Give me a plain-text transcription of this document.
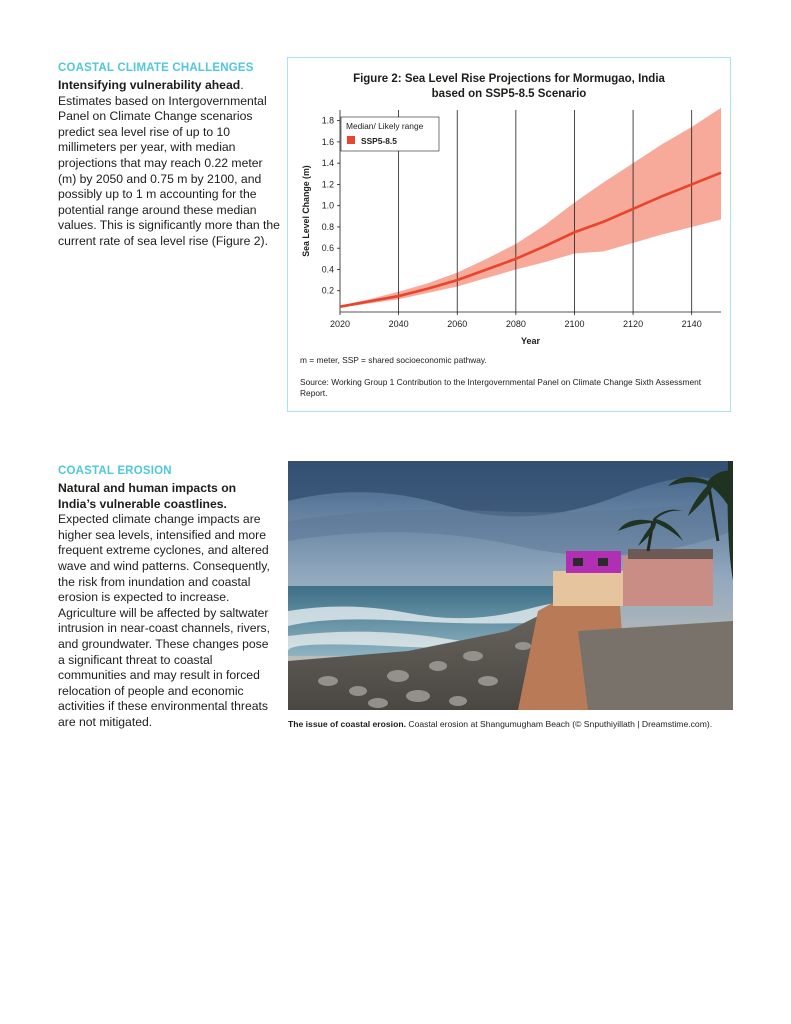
COASTAL CLIMATE CHALLENGES

Intensifying vulnerability ahead.

Estimates based on Intergovernmental Panel on Climate Change scenarios predict sea level rise of up to 10 millimeters per year, with median projections that may reach 0.22 meter (m) by 2050 and 0.75 m by 2100, and possibly up to 1 m accounting for the potential range around these median values. This is significantly more than the current rate of sea level rise (Figure 2).

Figure 2: Sea Level Rise Projections for Mormugao, India
based on SSP5-8.5 Scenario
0.2
0.4
0.6
0.8
1.0
1.2
1.4
1.6
1.8
2020	2040	2060	2080	2100	2120	2140
Year
Sea Level Change (m)
Median/ Likely range
SSP5-8.5
m = meter, SSP = shared socioeconomic pathway.
Source: Working Group 1 Contribution to the Intergovernmental Panel on Climate Change Sixth Assessment Report.
COASTAL EROSION

Natural and human impacts on India’s vulnerable coastlines.

Expected climate change impacts are higher sea levels, intensified and more frequent extreme cyclones, and altered wave and wind patterns. Consequently, the risk from inundation and coastal erosion is expected to increase. Agriculture will be affected by saltwater intrusion in near-coast channels, rivers, and groundwater. These changes pose a significant threat to coastal communities and may result in forced relocation of people and economic activities if these environmental threats are not mitigated.	The issue of coastal erosion. Coastal erosion at Shangumugham Beach (© Snputhiyillath | Dreamstime.com).
